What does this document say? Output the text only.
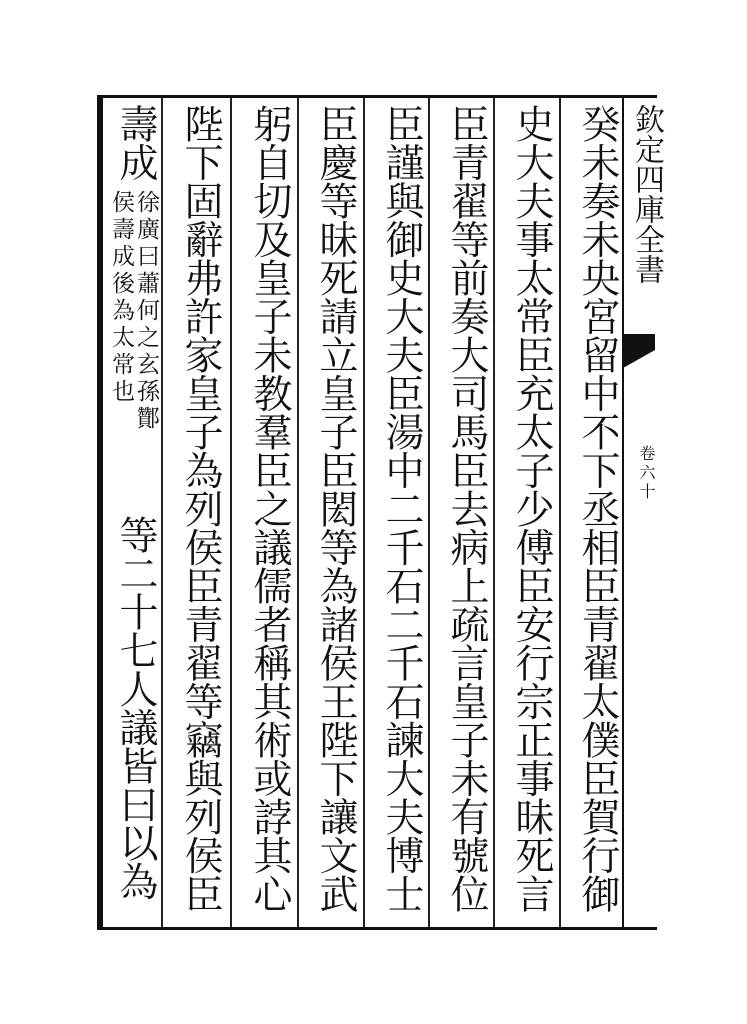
欽定四庫全書
卷六十
癸未奏未央宮留中不下丞相臣青翟太僕臣賀行御
史大夫事太常臣充太子少傅臣安行宗正事昧死言
臣青翟等前奏大司馬臣去病上疏言皇子未有號位
臣謹與御史大夫臣湯中二千石二千石諫大夫博士
臣慶等昧死請立皇子臣閎等為諸侯王陛下讓文武
躬自切及皇子未教羣臣之議儒者稱其術或誖其心
陛下固辭弗許家皇子為列侯臣青翟等竊與列侯臣
壽成
徐廣曰蕭何之玄孫酇
侯壽成後為太常也
等二十七人議皆曰以為
